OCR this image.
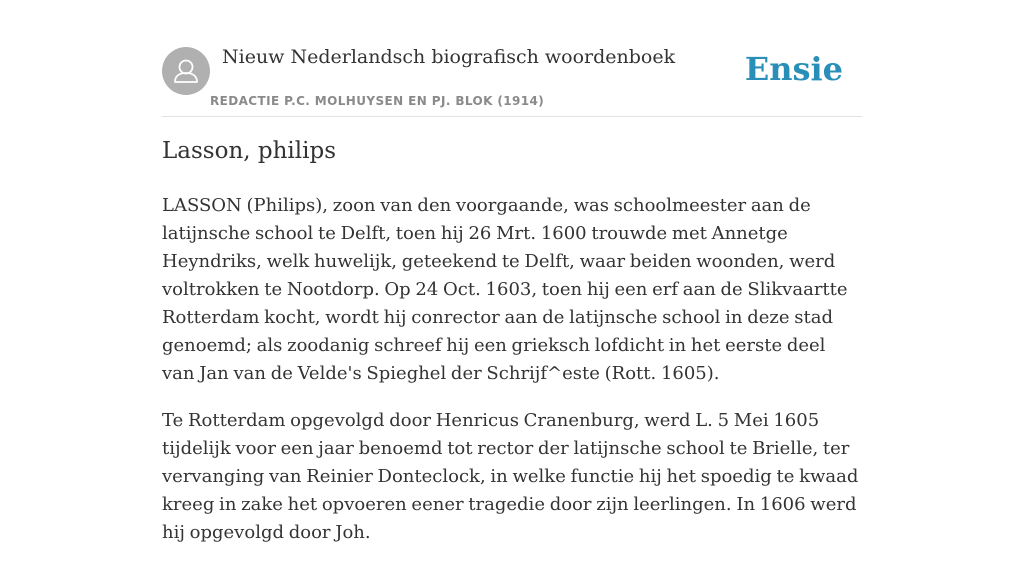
Nieuw Nederlandsch biografisch woordenboek
REDACTIE P.C. MOLHUYSEN EN PJ. BLOK (1914)
Ensie
Lasson, philips

LASSON (Philips), zoon van den voorgaande, was schoolmeester aan de latijnsche school te Delft, toen hij 26 Mrt. 1600 trouwde met Annetge Heyndriks, welk huwelijk, geteekend te Delft, waar beiden woonden, werd voltrokken te Nootdorp. Op 24 Oct. 1603, toen hij een erf aan de Slikvaartte Rotterdam kocht, wordt hij conrector aan de latijnsche school in deze stad genoemd; als zoodanig schreef hij een grieksch lofdicht in het eerste deel van Jan van de Velde's Spieghel der Schrijf^este (Rott. 1605).

Te Rotterdam opgevolgd door Henricus Cranenburg, werd L. 5 Mei 1605 tijdelijk voor een jaar benoemd tot rector der latijnsche school te Brielle, ter vervanging van Reinier Donteclock, in welke functie hij het spoedig te kwaad kreeg in zake het opvoeren eener tragedie door zijn leerlingen. In 1606 werd hij opgevolgd door Joh.
